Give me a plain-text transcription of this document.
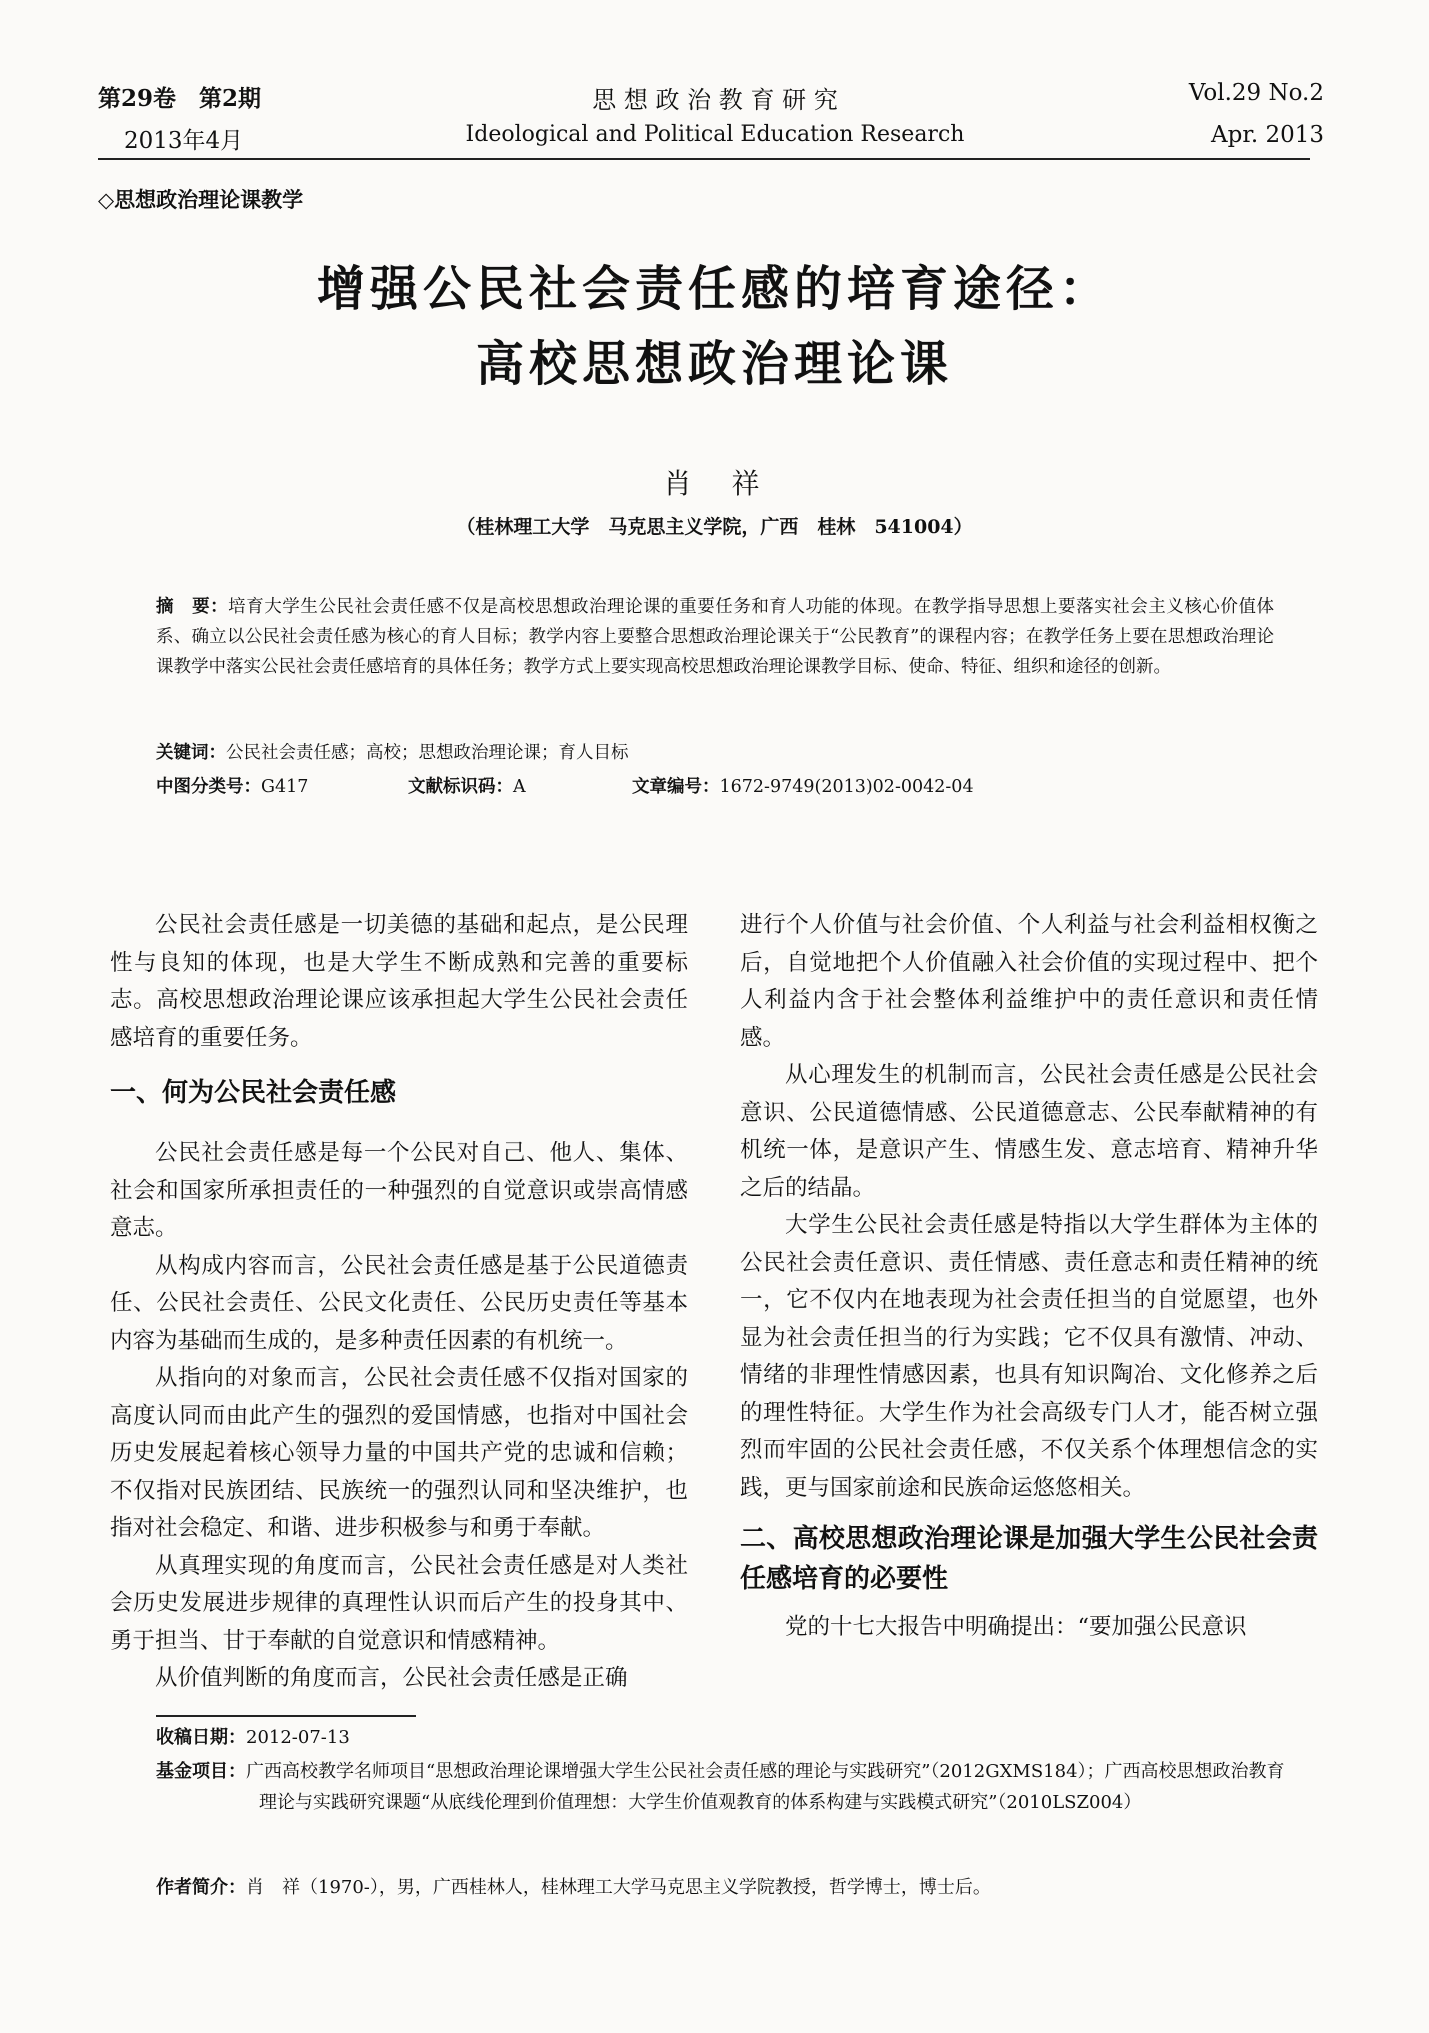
第29卷　第2期
2013年4月
思 想 政 治 教 育 研 究
Ideological and Political Education Research
Vol.29 No.2
Apr. 2013
◇思想政治理论课教学
增强公民社会责任感的培育途径：
高校思想政治理论课
肖　祥
（桂林理工大学　马克思主义学院，广西　桂林　541004）
摘　要：培育大学生公民社会责任感不仅是高校思想政治理论课的重要任务和育人功能的体现。在教学指导思想上要落实社会主义核心价值体系、确立以公民社会责任感为核心的育人目标；教学内容上要整合思想政治理论课关于“公民教育”的课程内容；在教学任务上要在思想政治理论课教学中落实公民社会责任感培育的具体任务；教学方式上要实现高校思想政治理论课教学目标、使命、特征、组织和途径的创新。
关键词：公民社会责任感；高校；思想政治理论课；育人目标
中图分类号：G417	文献标识码：A	文章编号：1672-9749(2013)02-0042-04

公民社会责任感是一切美德的基础和起点，是公民理性与良知的体现，也是大学生不断成熟和完善的重要标志。高校思想政治理论课应该承担起大学生公民社会责任感培育的重要任务。

一、何为公民社会责任感

公民社会责任感是每一个公民对自己、他人、集体、社会和国家所承担责任的一种强烈的自觉意识或崇高情感意志。

从构成内容而言，公民社会责任感是基于公民道德责任、公民社会责任、公民文化责任、公民历史责任等基本内容为基础而生成的，是多种责任因素的有机统一。

从指向的对象而言，公民社会责任感不仅指对国家的高度认同而由此产生的强烈的爱国情感，也指对中国社会历史发展起着核心领导力量的中国共产党的忠诚和信赖；不仅指对民族团结、民族统一的强烈认同和坚决维护，也指对社会稳定、和谐、进步积极参与和勇于奉献。

从真理实现的角度而言，公民社会责任感是对人类社会历史发展进步规律的真理性认识而后产生的投身其中、勇于担当、甘于奉献的自觉意识和情感精神。

从价值判断的角度而言，公民社会责任感是正确

进行个人价值与社会价值、个人利益与社会利益相权衡之后，自觉地把个人价值融入社会价值的实现过程中、把个人利益内含于社会整体利益维护中的责任意识和责任情感。

从心理发生的机制而言，公民社会责任感是公民社会意识、公民道德情感、公民道德意志、公民奉献精神的有机统一体，是意识产生、情感生发、意志培育、精神升华之后的结晶。

大学生公民社会责任感是特指以大学生群体为主体的公民社会责任意识、责任情感、责任意志和责任精神的统一，它不仅内在地表现为社会责任担当的自觉愿望，也外显为社会责任担当的行为实践；它不仅具有激情、冲动、情绪的非理性情感因素，也具有知识陶冶、文化修养之后的理性特征。大学生作为社会高级专门人才，能否树立强烈而牢固的公民社会责任感，不仅关系个体理想信念的实践，更与国家前途和民族命运悠悠相关。

二、高校思想政治理论课是加强大学生公民社会责任感培育的必要性

党的十七大报告中明确提出：“要加强公民意识

收稿日期：2012-07-13
基金项目：广西高校教学名师项目“思想政治理论课增强大学生公民社会责任感的理论与实践研究”（2012GXMS184）；广西高校思想政治教育理论与实践研究课题“从底线伦理到价值理想：大学生价值观教育的体系构建与实践模式研究”（2010LSZ004）
作者简介：肖　祥（1970-），男，广西桂林人，桂林理工大学马克思主义学院教授，哲学博士，博士后。
